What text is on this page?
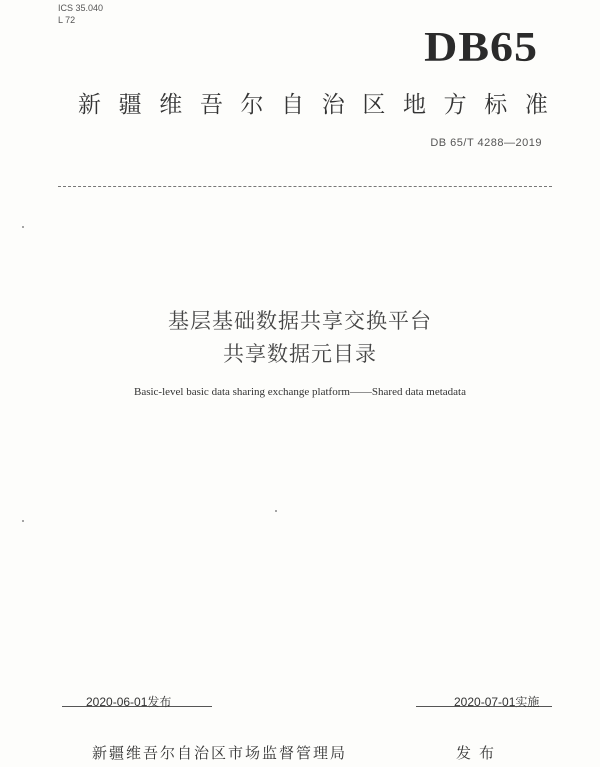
ICS 35.040
L 72
DB65
新 疆 维 吾 尔 自 治 区 地 方 标 准
DB 65/T 4288—2019
基层基础数据共享交换平台
共享数据元目录
Basic-level basic data sharing exchange platform——Shared data metadata
2020-06-01发布	2020-07-01实施
新疆维吾尔自治区市场监督管理局	发布
